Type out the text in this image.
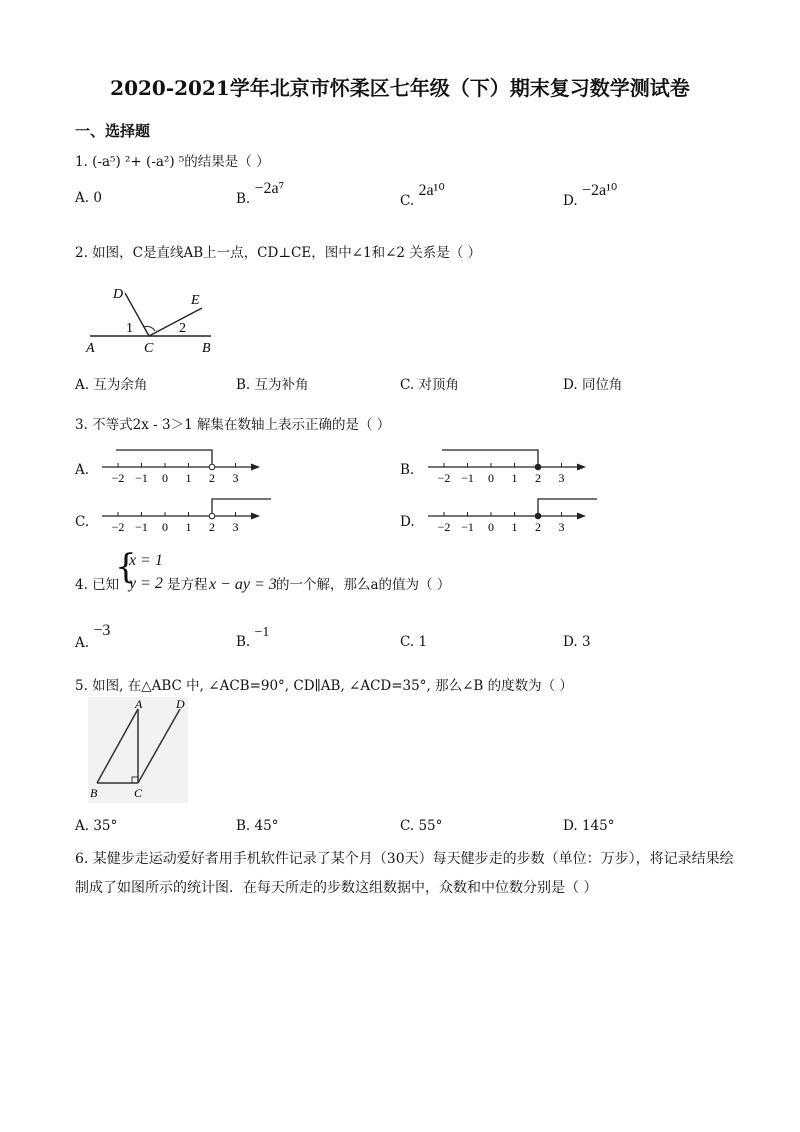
2020-2021学年北京市怀柔区七年级（下）期末复习数学测试卷
一、选择题
1. (-a⁵) ²+ (-a²) ⁵的结果是（ ）
A. 0	B. −2a⁷
C. 2a¹⁰
D. −2a¹⁰
2. 如图，C是直线AB上一点，CD⊥CE，图中∠1和∠2 关系是（ ）
D	E
1	2
A	C	B
A. 互为余角	B. 互为补角	C. 对顶角	D. 同位角
3. 不等式2x - 3＞1 解集在数轴上表示正确的是（ ）
A. −2 −1 0 1 2 3	B. −2 −1 0 1 2 3
C. −2 −1 0 1 2 3	D. −2 −1 0 1 2 3
4. 已知
{
x = 1
y = 2 是方程 x − ay = 3 的一个解，那么a的值为（ ）
A. −3
B. −1
C. 1	D. 3
5. 如图, 在△ABC 中, ∠ACB=90°, CD∥AB, ∠ACD=35°, 那么∠B 的度数为（ ）
A	D
B	C
A. 35°	B. 45°	C. 55°	D. 145°
6. 某健步走运动爱好者用手机软件记录了某个月（30天）每天健步走的步数（单位：万步），将记录结果绘制成了如图所示的统计图．在每天所走的步数这组数据中，众数和中位数分别是（ ）
